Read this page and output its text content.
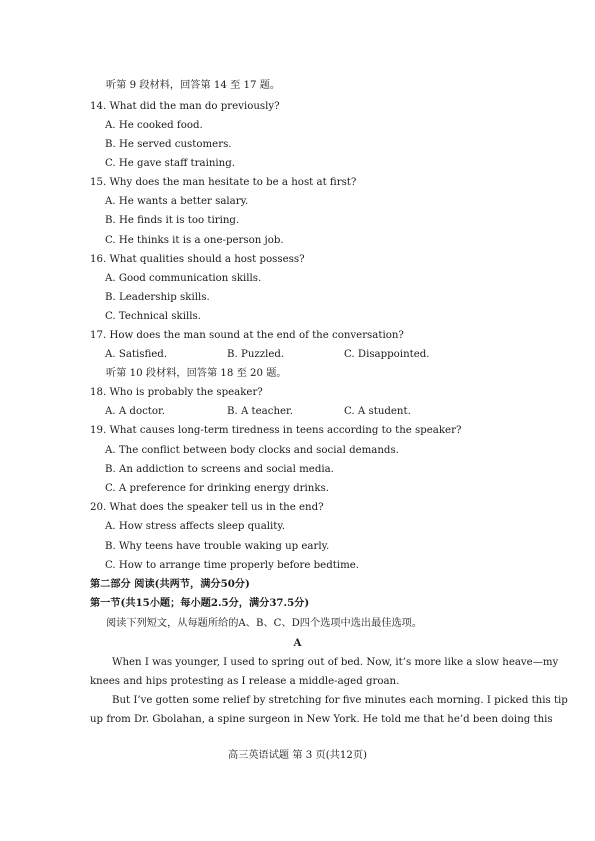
听第 9 段材料，回答第 14 至 17 题。
14. What did the man do previously?
A. He cooked food.
B. He served customers.
C. He gave staff training.
15. Why does the man hesitate to be a host at first?
A. He wants a better salary.
B. He finds it is too tiring.
C. He thinks it is a one-person job.
16. What qualities should a host possess?
A. Good communication skills.
B. Leadership skills.
C. Technical skills.
17. How does the man sound at the end of the conversation?
A. Satisfied.	B. Puzzled.	C. Disappointed.
听第 10 段材料，回答第 18 至 20 题。
18. Who is probably the speaker?
A. A doctor.	B. A teacher.	C. A student.
19. What causes long-term tiredness in teens according to the speaker?
A. The conflict between body clocks and social demands.
B. An addiction to screens and social media.
C. A preference for drinking energy drinks.
20. What does the speaker tell us in the end?
A. How stress affects sleep quality.
B. Why teens have trouble waking up early.
C. How to arrange time properly before bedtime.
第二部分 阅读(共两节，满分50分)
第一节(共15小题；每小题2.5分，满分37.5分)
阅读下列短文，从每题所给的A、B、C、D四个选项中选出最佳选项。
A
When I was younger, I used to spring out of bed. Now, it’s more like a slow heave—my
knees and hips protesting as I release a middle-aged groan.
But I’ve gotten some relief by stretching for five minutes each morning. I picked this tip
up from Dr. Gbolahan, a spine surgeon in New York. He told me that he’d been doing this
高三英语试题 第 3 页(共12页)
